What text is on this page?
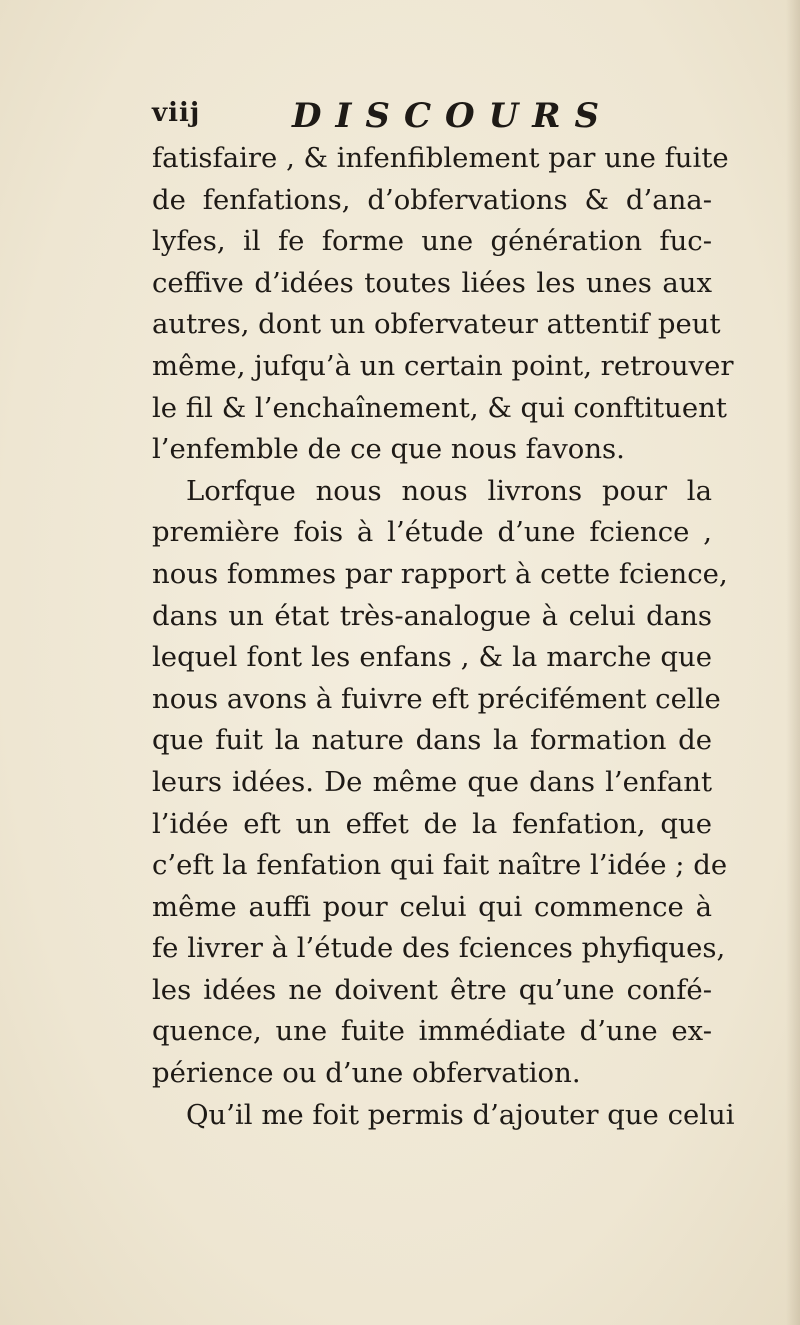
viij	DISCOURS
fatisfaire , & infenfiblement par une fuite
de fenfations, d’obfervations & d’ana-
lyfes, il fe forme une génération fuc-
ceffive d’idées toutes liées les unes aux
autres, dont un obfervateur attentif peut
même, jufqu’à un certain point, retrouver
le fil & l’enchaînement, & qui conftituent
l’enfemble de ce que nous favons.
Lorfque nous nous livrons pour la
première fois à l’étude d’une fcience ,
nous fommes par rapport à cette fcience,
dans un état très-analogue à celui dans
lequel font les enfans , & la marche que
nous avons à fuivre eft précifément celle
que fuit la nature dans la formation de
leurs idées. De même que dans l’enfant
l’idée eft un effet de la fenfation, que
c’eft la fenfation qui fait naître l’idée ; de
même auffi pour celui qui commence à
fe livrer à l’étude des fciences phyfiques,
les idées ne doivent être qu’une confé-
quence, une fuite immédiate d’une ex-
périence ou d’une obfervation.
Qu’il me foit permis d’ajouter que celui
